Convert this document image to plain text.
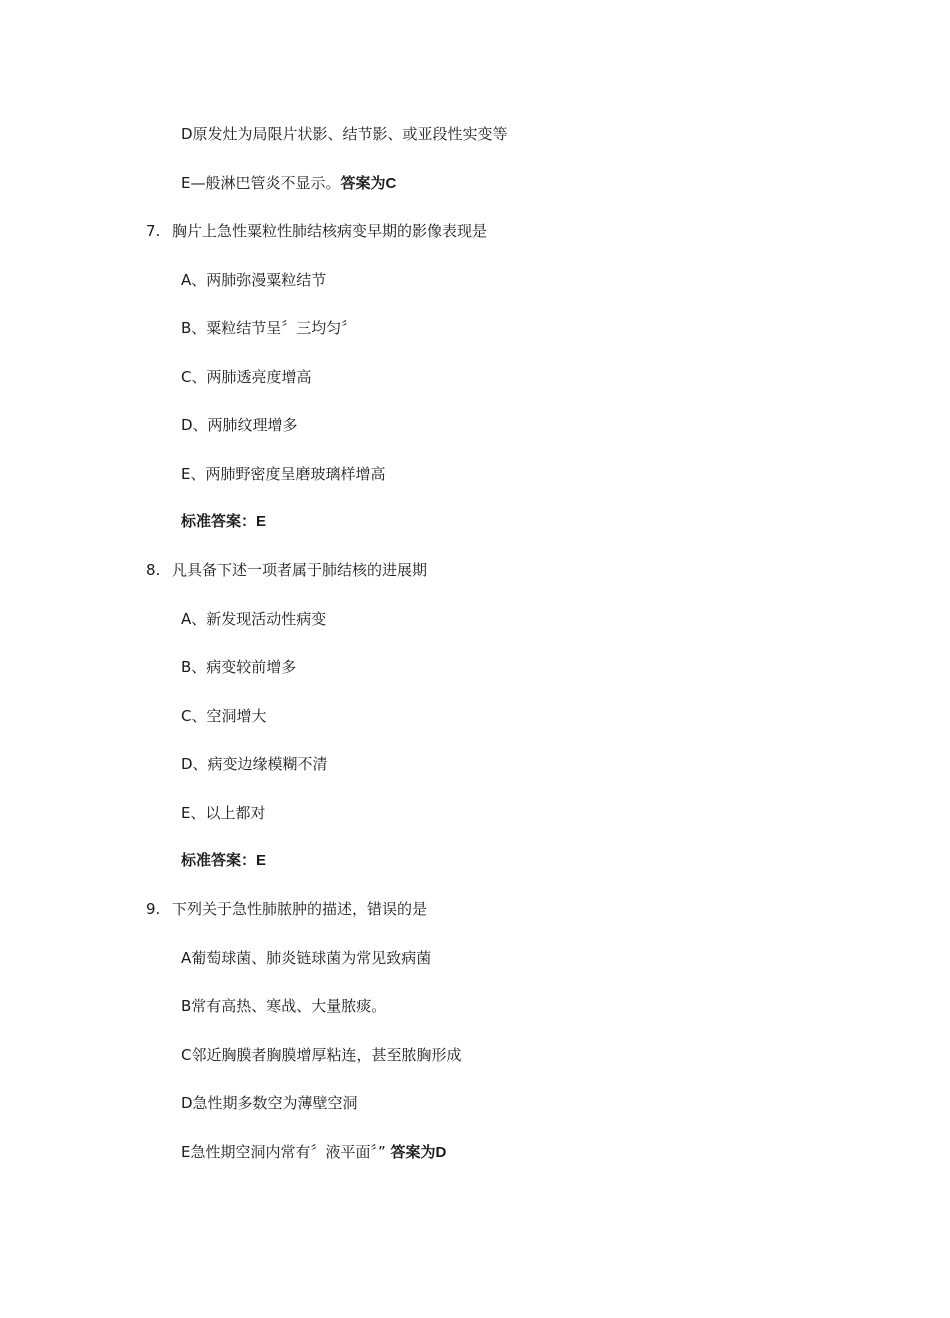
D原发灶为局限片状影、结节影、或亚段性实变等
E—般淋巴管炎不显示。答案为C
7. 胸片上急性粟粒性肺结核病变早期的影像表现是
A、两肺弥漫粟粒结节
B、粟粒结节呈〞三均匀〞
C、两肺透亮度增高
D、两肺纹理增多
E、两肺野密度呈磨玻璃样增高
标准答案：E
8. 凡具备下述一项者属于肺结核的进展期
A、新发现活动性病变
B、病变较前增多
C、空洞增大
D、病变边缘模糊不清
E、以上都对
标准答案：E
9. 下列关于急性肺脓肿的描述，错误的是
A葡萄球菌、肺炎链球菌为常见致病菌
B常有高热、寒战、大量脓痰。
C邻近胸膜者胸膜增厚粘连，甚至脓胸形成
D急性期多数空为薄壁空洞
E急性期空洞内常有〞液平面〞” 答案为D
